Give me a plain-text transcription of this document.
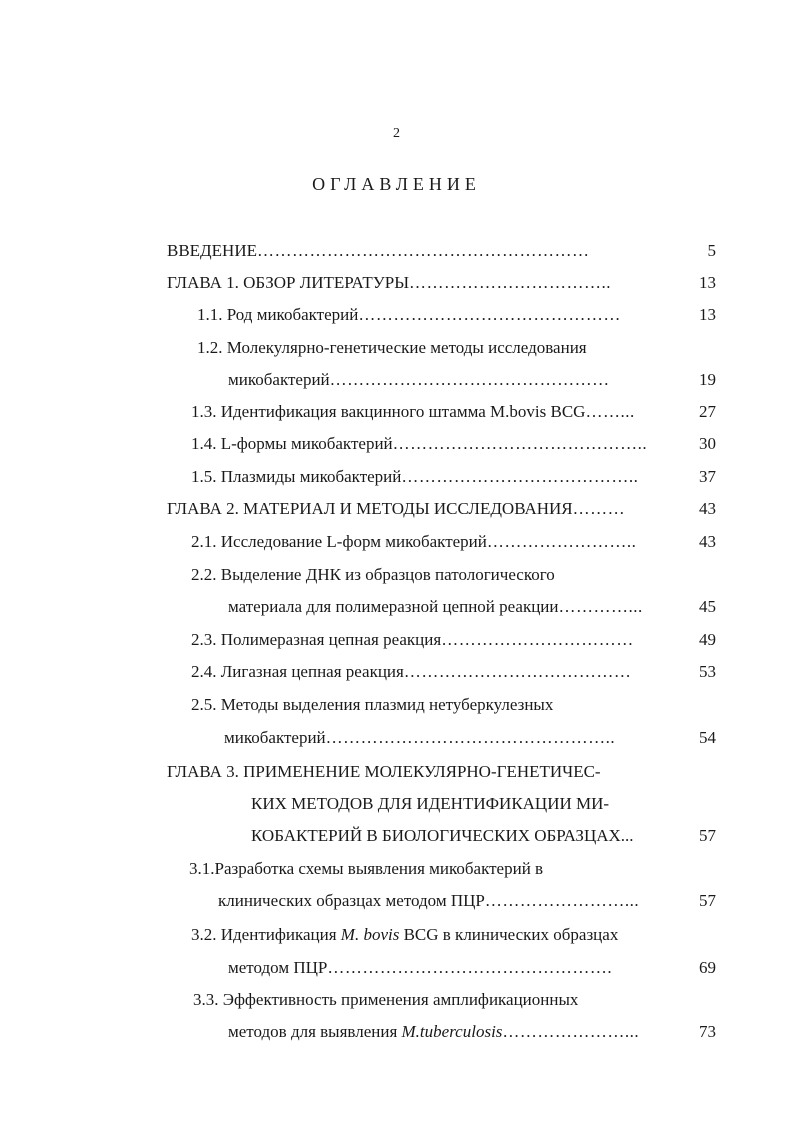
2
ОГЛАВЛЕНИЕ
ВВЕДЕНИЕ…………………………………………………	5
ГЛАВА 1. ОБЗОР ЛИТЕРАТУРЫ……………………………..	13
1.1. Род микобактерий………………………………………	13
1.2. Молекулярно-генетические методы исследования
микобактерий…………………………………………	19
1.3. Идентификация вакцинного штамма M.bovis BCG……...	27
1.4. L-формы микобактерий……………………………………..	30
1.5. Плазмиды микобактерий…………………………………..	37
ГЛАВА 2. МАТЕРИАЛ И МЕТОДЫ ИССЛЕДОВАНИЯ………	43
2.1. Исследование L-форм микобактерий……………………..	43
2.2. Выделение ДНК из образцов патологического
материала для полимеразной цепной реакции…………...	45
2.3. Полимеразная цепная реакция……………………………	49
2.4. Лигазная цепная реакция…………………………………	53
2.5. Методы выделения плазмид нетуберкулезных
микобактерий…………………………………………..	54
ГЛАВА 3. ПРИМЕНЕНИЕ МОЛЕКУЛЯРНО-ГЕНЕТИЧЕС-
КИХ МЕТОДОВ ДЛЯ ИДЕНТИФИКАЦИИ МИ-
КОБАКТЕРИЙ В БИОЛОГИЧЕСКИХ ОБРАЗЦАХ...	57
3.1.Разработка схемы выявления микобактерий в
клинических образцах методом ПЦР……………………...	57
3.2. Идентификация M. bovis BCG в клинических образцах
методом ПЦР………………………………………….	69
3.3. Эффективность применения амплификационных
методов для выявления M.tuberculosis…………………...	73
